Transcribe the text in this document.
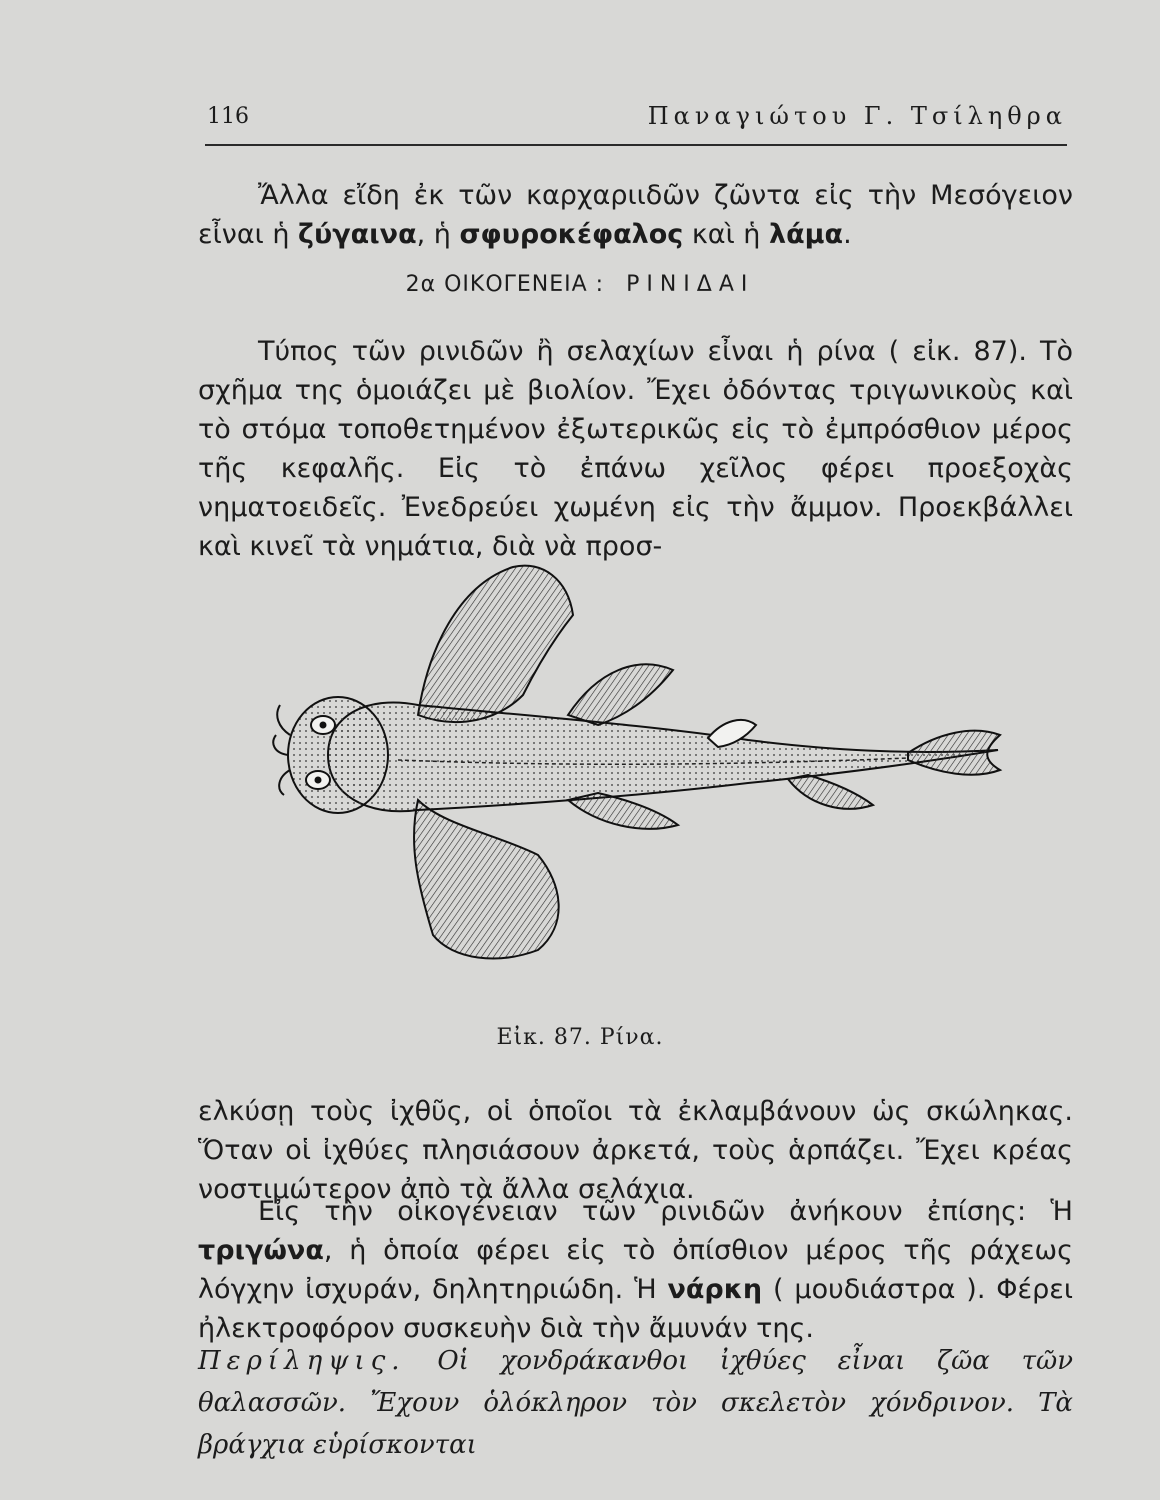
116	Παναγιώτου Γ. Τσίληθρα
Ἄλλα εἴδη ἐκ τῶν καρχαριιδῶν ζῶντα εἰς τὴν Μεσόγειον εἶναι ἡ ζύγαινα, ἡ σφυροκέφαλος καὶ ἡ λάμα.
2α ΟΙΚΟΓΕΝΕΙΑ : ΡΙΝΙΔΑΙ
Τύπος τῶν ρινιδῶν ἢ σελαχίων εἶναι ἡ ρίνα ( εἰκ. 87). Τὸ σχῆμα της ὁμοιάζει μὲ βιολίον. Ἔχει ὀδόντας τριγωνικοὺς καὶ τὸ στόμα τοποθετημένον ἐξωτερικῶς εἰς τὸ ἐμπρόσθιον μέρος τῆς κεφαλῆς. Εἰς τὸ ἐπάνω χεῖλος φέρει προεξοχὰς νηματοειδεῖς. Ἐνεδρεύει χωμένη εἰς τὴν ἄμμον. Προεκβάλλει καὶ κινεῖ τὰ νημάτια, διὰ νὰ προσ-
Εἰκ. 87. Ρίνα.
ελκύσῃ τοὺς ἰχθῦς, οἱ ὁποῖοι τὰ ἐκλαμβάνουν ὡς σκώληκας. Ὅταν οἱ ἰχθύες πλησιάσουν ἀρκετά, τοὺς ἁρπάζει. Ἔχει κρέας νοστιμώτερον ἀπὸ τὰ ἄλλα σελάχια.
Εἰς τὴν οἰκογένειαν τῶν ρινιδῶν ἀνήκουν ἐπίσης: Ἡ τριγώνα, ἡ ὁποία φέρει εἰς τὸ ὀπίσθιον μέρος τῆς ράχεως λόγχην ἰσχυράν, δηλητηριώδη. Ἡ νάρκη ( μουδιάστρα ). Φέρει ἠλεκτροφόρον συσκευὴν διὰ τὴν ἄμυνάν της.
Περίληψις. Οἱ χονδράκανθοι ἰχθύες εἶναι ζῶα τῶν θαλασσῶν. Ἔχουν ὁλόκληρον τὸν σκελετὸν χόνδρινον. Τὰ βράγχια εὑρίσκονται
